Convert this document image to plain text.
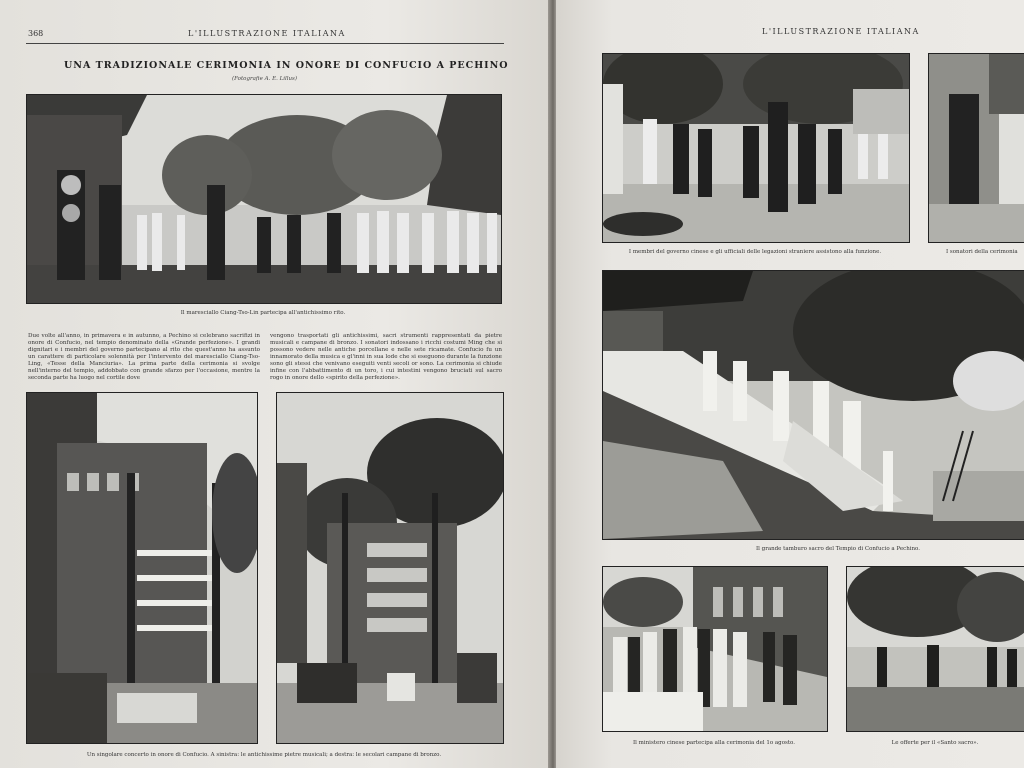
368	L'ILLUSTRAZIONE ITALIANA
UNA TRADIZIONALE CERIMONIA IN ONORE DI CONFUCIO A PECHINO
(Fotografie A. E. Lillus)
Il maresciallo Ciang-Tso-Lin partecipa all'antichissimo rito.
Due volte all'anno, in primavera e in autunno, a Pechino si celebrano sacrifizi in onore di Confucio, nel tempio denominato della «Grande perfezione». I grandi dignitari e i membri del governo partecipano al rito che quest'anno ha assunto un carattere di particolare solennità per l'intervento del maresciallo Ciang-Tso-Ling, «Tesse della Manciuria». La prima parte della cerimonia si svolge nell'interno del tempio, addobbato con grande sfarzo per l'occasione, mentre la seconda parte ha luogo nel cortile dove
vengono trasportati gli antichissimi, sacri strumenti rappresentati da pietre musicali e campane di bronzo. I sonatori indossano i ricchi costumi Ming che si possono vedere nelle antiche porcellane e nelle sete ricamate. Confucio fu un innamorato della musica e gl'inni in sua lode che si eseguono durante la funzione sono gli stessi che venivano eseguiti venti secoli or sono. La cerimonia si chiude infine con l'abbattimento di un toro, i cui intestini vengono bruciati sul sacro rogo in onore dello «spirito della perfezione».
Un singolare concerto in onore di Confucio. A sinistra: le antichissime pietre musicali; a destra: le secolari campane di bronzo.
L'ILLUSTRAZIONE ITALIANA
I membri del governo cinese e gli ufficiali delle legazioni straniere assistono alla funzione.	I sonatori della cerimonia
Il grande tamburo sacro del Tempio di Confucio a Pechino.
Il ministero cinese partecipa alla cerimonia del 1o agosto.	Le offerte per il «Santo sacro».
